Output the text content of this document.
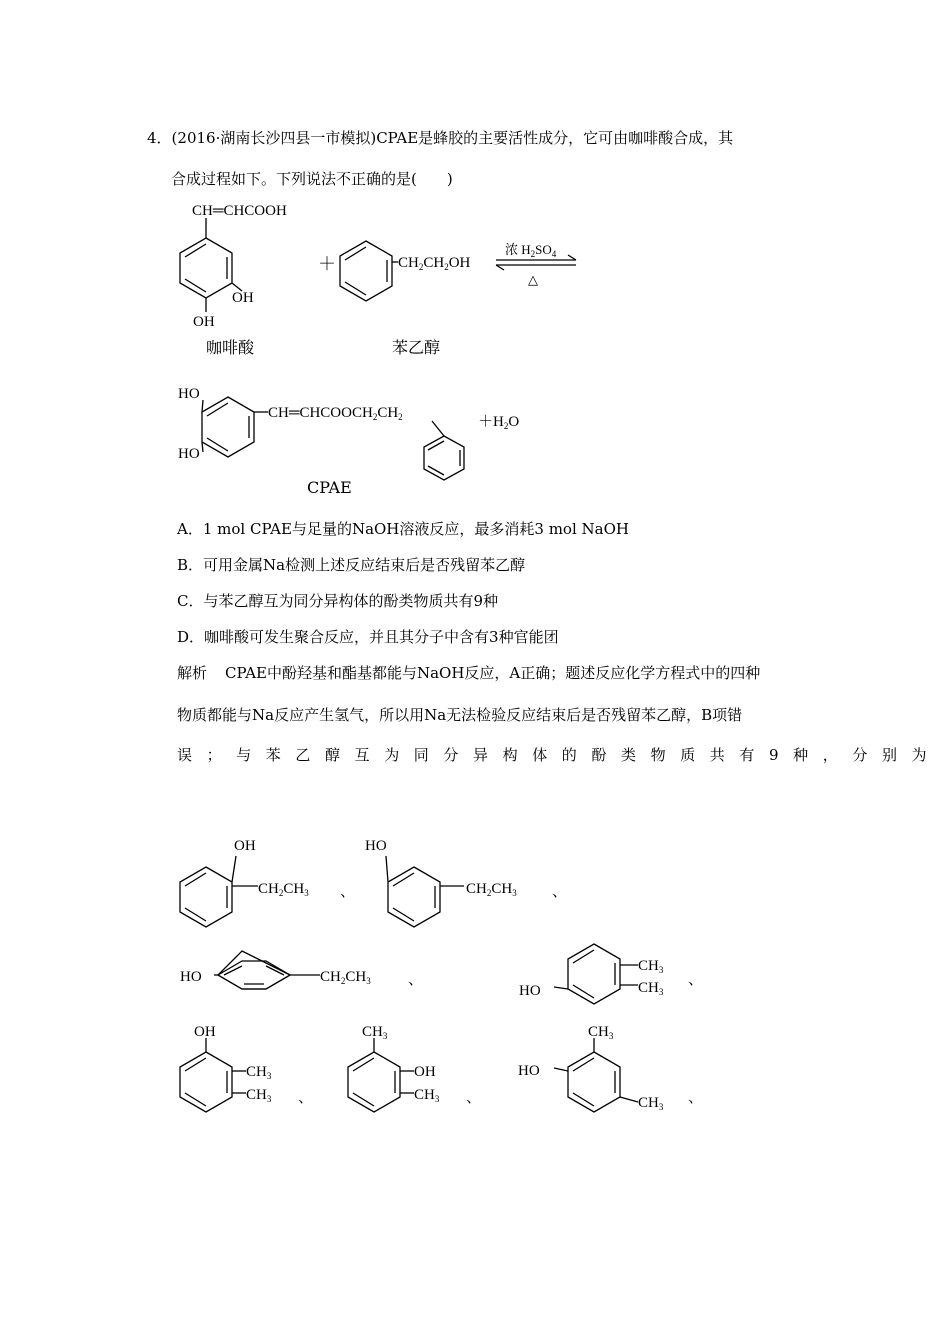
4．(2016·湖南长沙四县一市模拟)CPAE是蜂胶的主要活性成分，它可由咖啡酸合成，其
合成过程如下。下列说法不正确的是(　　)
CH═CHCOOH
OH
OH
＋	$CH_2CH_2OH$
浓 $H_2SO_4$
△
HO
HO
$CH═CHCOOCH_2CH_2$	$+H_2O$
咖啡酸	苯乙醇
CPAE
A．1 mol CPAE与足量的NaOH溶液反应，最多消耗3 mol NaOH
B．可用金属Na检测上述反应结束后是否残留苯乙醇
C．与苯乙醇互为同分异构体的酚类物质共有9种
D．咖啡酸可发生聚合反应，并且其分子中含有3种官能团
解析 CPAE中酚羟基和酯基都能与NaOH反应，A正确；题述反应化学方程式中的四种
物质都能与Na反应产生氢气，所以用Na无法检验反应结束后是否残留苯乙醇，B项错
误；与苯乙醇互为同分异构体的酚类物质共有9种，分别为
OH
$CH_2CH_3$ 、
HO
$CH_2CH_3$ 、
HO	$CH_2CH_3$ 、
HO
$CH_3$
$CH_3$
、
OH
$CH_3$
$CH_3$ 、
$CH_3$
OH
$CH_3$ 、
HO
$CH_3$
$CH_3$
、
